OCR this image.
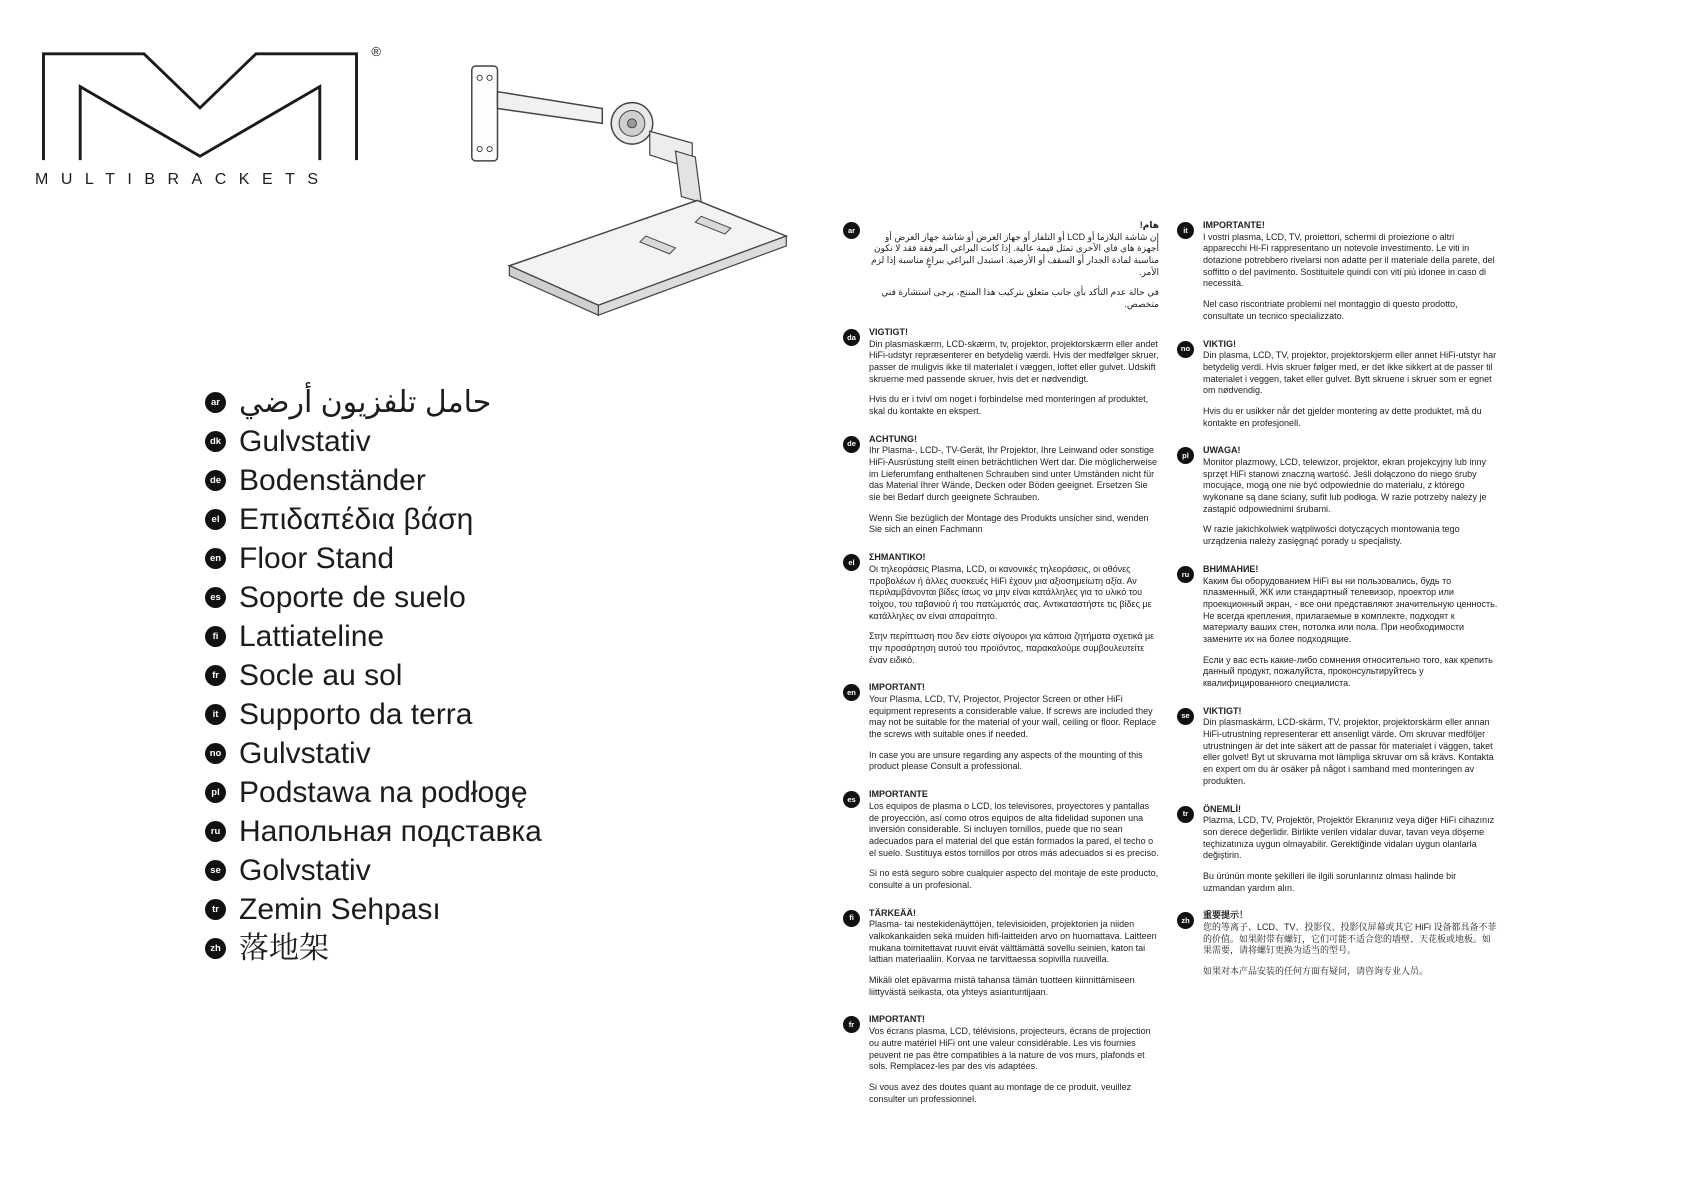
®
MULTIBRACKETS
ar حامل تلفزيون أرضي
dk Gulvstativ
de Bodenständer
el Επιδαπέδια βάση
en Floor Stand
es Soporte de suelo
fi Lattiateline
fr Socle au sol
it Supporto da terra
no Gulvstativ
pl Podstawa na podłogę
ru Напольная подставка
se Golvstativ
tr Zemin Sehpası
zh 落地架
ar
هام!

إن شاشة البلازما أو LCD أو التلفاز أو جهاز العرض أو شاشة جهاز العرض أو أجهزة هاي فاي الأخرى تمثل قيمة عالية. إذا كانت البراغي المرفقة فقد لا تكون مناسبة لمادة الجدار أو السقف أو الأرضية. استبدل البراغي ببراغٍ مناسبة إذا لزم الأمر.

في حالة عدم التأكد بأي جانب متعلق بتركيب هذا المنتج، يرجى استشارة فني متخصص.

da
VIGTIGT!

Din plasmaskærm, LCD-skærm, tv, projektor, projektorskærm eller andet HiFi-udstyr repræsenterer en betydelig værdi. Hvis der medfølger skruer, passer de muligvis ikke til materialet i væggen, loftet eller gulvet. Udskift skruerne med passende skruer, hvis det er nødvendigt.

Hvis du er i tvivl om noget i forbindelse med monteringen af produktet, skal du kontakte en ekspert.

de
ACHTUNG!

Ihr Plasma-, LCD-, TV-Gerät, Ihr Projektor, Ihre Leinwand oder sonstige HiFi-Ausrüstung stellt einen beträchtlichen Wert dar. Die möglicherweise im Lieferumfang enthaltenen Schrauben sind unter Umständen nicht für das Material Ihrer Wände, Decken oder Böden geeignet. Ersetzen Sie sie bei Bedarf durch geeignete Schrauben.

Wenn Sie bezüglich der Montage des Produkts unsicher sind, wenden Sie sich an einen Fachmann

el
ΣΗΜΑΝΤΙΚΟ!

Οι τηλεοράσεις Plasma, LCD, οι κανονικές τηλεοράσεις, οι οθόνες προβολέων ή άλλες συσκευές HiFi έχουν μια αξιοσημείωτη αξία. Αν περιλαμβάνονται βίδες ίσως να μην είναι κατάλληλες για το υλικό του τοίχου, του ταβανιού ή του πατώματός σας. Αντικαταστήστε τις βίδες με κατάλληλες αν είναι απαραίτητο.

Στην περίπτωση που δεν είστε σίγουροι για κάποια ζητήματα σχετικά με την προσάρτηση αυτού του προϊόντος, παρακαλούμε συμβουλευτείτε έναν ειδικό.

en
IMPORTANT!

Your Plasma, LCD, TV, Projector, Projector Screen or other HiFi equipment represents a considerable value. If screws are included they may not be suitable for the material of your wall, ceiling or floor. Replace the screws with suitable ones if needed.

In case you are unsure regarding any aspects of the mounting of this product please Consult a professional.

es
IMPORTANTE

Los equipos de plasma o LCD, los televisores, proyectores y pantallas de proyección, así como otros equipos de alta fidelidad suponen una inversión considerable. Si incluyen tornillos, puede que no sean adecuados para el material del que están formados la pared, el techo o el suelo. Sustituya estos tornillos por otros más adecuados si es preciso.

Si no está seguro sobre cualquier aspecto del montaje de este producto, consulte a un profesional.

fi
TÄRKEÄÄ!

Plasma- tai nestekidenäyttöjen, televisioiden, projektorien ja niiden valkokankaiden sekä muiden hifi-laitteiden arvo on huomattava. Laitteen mukana toimitettavat ruuvit eivät välttämättä sovellu seinien, katon tai lattian materiaaliin. Korvaa ne tarvittaessa sopivilla ruuveilla.

Mikäli olet epävarma mistä tahansa tämän tuotteen kiinnittämiseen liittyvästä seikasta, ota yhteys asiantuntijaan.

fr
IMPORTANT!

Vos écrans plasma, LCD, télévisions, projecteurs, écrans de projection ou autre matériel HiFi ont une valeur considérable. Les vis fournies peuvent ne pas être compatibles à la nature de vos murs, plafonds et sols. Remplacez-les par des vis adaptées.

Si vous avez des doutes quant au montage de ce produit, veuillez consulter un professionnel.

it
IMPORTANTE!

I vostri plasma, LCD, TV, proiettori, schermi di proiezione o altri apparecchi Hi-Fi rappresentano un notevole investimento. Le viti in dotazione potrebbero rivelarsi non adatte per il materiale della parete, del soffitto o del pavimento. Sostituitele quindi con viti più idonee in caso di necessità.

Nel caso riscontriate problemi nel montaggio di questo prodotto, consultate un tecnico specializzato.

no
VIKTIG!

Din plasma, LCD, TV, projektor, projektorskjerm eller annet HiFi-utstyr har betydelig verdi. Hvis skruer følger med, er det ikke sikkert at de passer til materialet i veggen, taket eller gulvet. Bytt skruene i skruer som er egnet om nødvendig.

Hvis du er usikker når det gjelder montering av dette produktet, må du kontakte en profesjonell.

pl
UWAGA!

Monitor plazmowy, LCD, telewizor, projektor, ekran projekcyjny lub inny sprzęt HiFi stanowi znaczną wartość. Jeśli dołączono do niego śruby mocujące, mogą one nie być odpowiednie do materiału, z którego wykonane są dane ściany, sufit lub podłoga. W razie potrzeby należy je zastąpić odpowiednimi śrubami.

W razie jakichkolwiek wątpliwości dotyczących montowania tego urządzenia należy zasięgnąć porady u specjalisty.

ru
ВНИМАНИЕ!

Каким бы оборудованием HiFi вы ни пользовались, будь то плазменный, ЖК или стандартный телевизор, проектор или проекционный экран, - все они представляют значительную ценность. Не всегда крепления, прилагаемые в комплекте, подходят к материалу ваших стен, потолка или пола. При необходимости замените их на более подходящие.

Если у вас есть какие-либо сомнения относительно того, как крепить данный продукт, пожалуйста, проконсультируйтесь у квалифицированного специалиста.

se
VIKTIGT!

Din plasmaskärm, LCD-skärm, TV, projektor, projektorskärm eller annan HiFi-utrustning representerar ett ansenligt värde. Om skruvar medföljer utrustningen är det inte säkert att de passar för materialet i väggen, taket eller golvet! Byt ut skruvarna mot lämpliga skruvar om så krävs. Kontakta en expert om du är osäker på något i samband med monteringen av produkten.

tr
ÖNEMLİ!

Plazma, LCD, TV, Projektör, Projektör Ekranınız veya diğer HiFi cihazınız son derece değerlidir. Birlikte verilen vidalar duvar, tavan veya döşeme teçhizatınıza uygun olmayabilir. Gerektiğinde vidaları uygun olanlarla değiştirin.

Bu ürünün monte şekilleri ile ilgili sorunlarınız olması halinde bir uzmandan yardım alın.

zh
重要提示！

您的等离子、LCD、TV、投影仪、投影仪屏幕或其它 HiFi 设备都具备不菲的价值。如果附带有螺钉，它们可能不适合您的墙壁、天花板或地板。如果需要，请将螺钉更换为适当的型号。

如果对本产品安装的任何方面有疑问，请咨询专业人员。
